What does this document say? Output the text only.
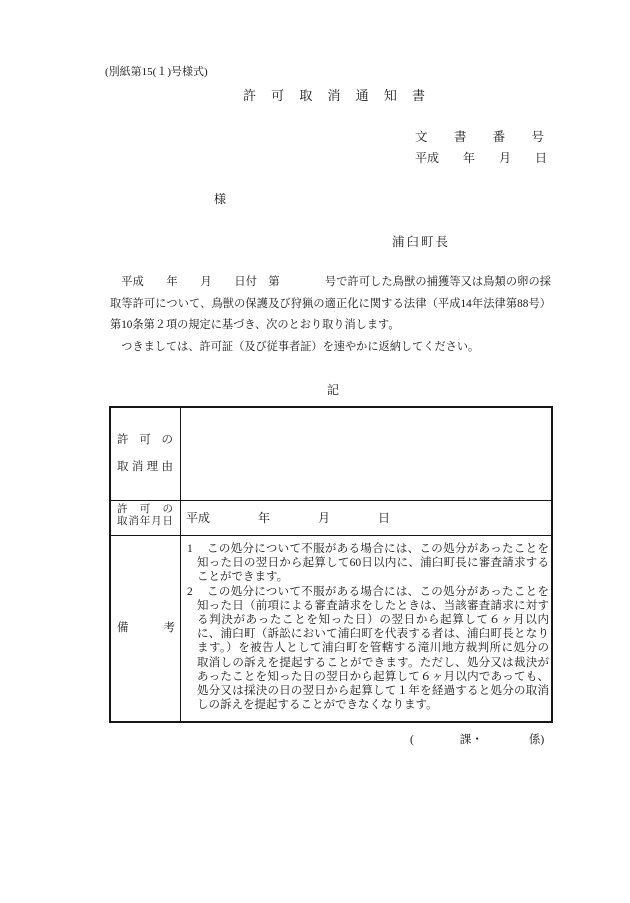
(別紙第15(１)号様式)
許可取消通知書
文書番号
平成　　年　　月　　日
様
浦臼町長
　平成　　年　　月　　日付　第　　　　号で許可した鳥獣の捕獲等又は鳥類の卵の採
取等許可について、鳥獣の保護及び狩猟の適正化に関する法律（平成14年法律第88号）
第10条第２項の規定に基づき、次のとおり取り消します。
　つきましては、許可証（及び従事者証）を速やかに返納してください。
記
許可の
取消理由
許可の
取消年月日 平成　　　　年　　　　月　　　　日
備考
1 この処分について不服がある場合には、この処分があったことを
知った日の翌日から起算して60日以内に、浦臼町長に審査請求する
ことができます。
2 この処分について不服がある場合には、この処分があったことを
知った日（前項による審査請求をしたときは、当該審査請求に対す
る判決があったことを知った日）の翌日から起算して６ヶ月以内
に、浦臼町（訴訟において浦臼町を代表する者は、浦臼町長となり
ます。）を被告人として浦臼町を管轄する滝川地方裁判所に処分の
取消しの訴えを提起することができます。ただし、処分又は裁決が
あったことを知った日の翌日から起算して６ヶ月以内であっても、
処分又は採決の日の翌日から起算して１年を経過すると処分の取消
しの訴えを提起することができなくなります。
(　　　　課・　　　　係)
